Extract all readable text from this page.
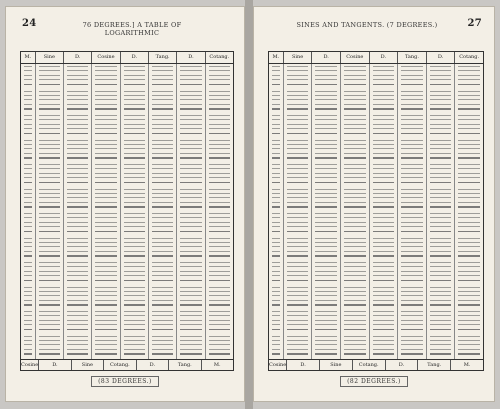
24	76 DEGREES.] A TABLE OF LOGARITHMIC
M.	Sine	D.	Cosine	D.	Tang.	D.	Cotang.
Cosine	D.	Sine	Cotang.	D.	Tang.	M.
(83 DEGREES.)
SINES AND TANGENTS. (7 DEGREES.)	27
M.	Sine	D.	Cosine	D.	Tang.	D.	Cotang.
Cosine	D.	Sine	Cotang.	D.	Tang.	M.
(82 DEGREES.)
